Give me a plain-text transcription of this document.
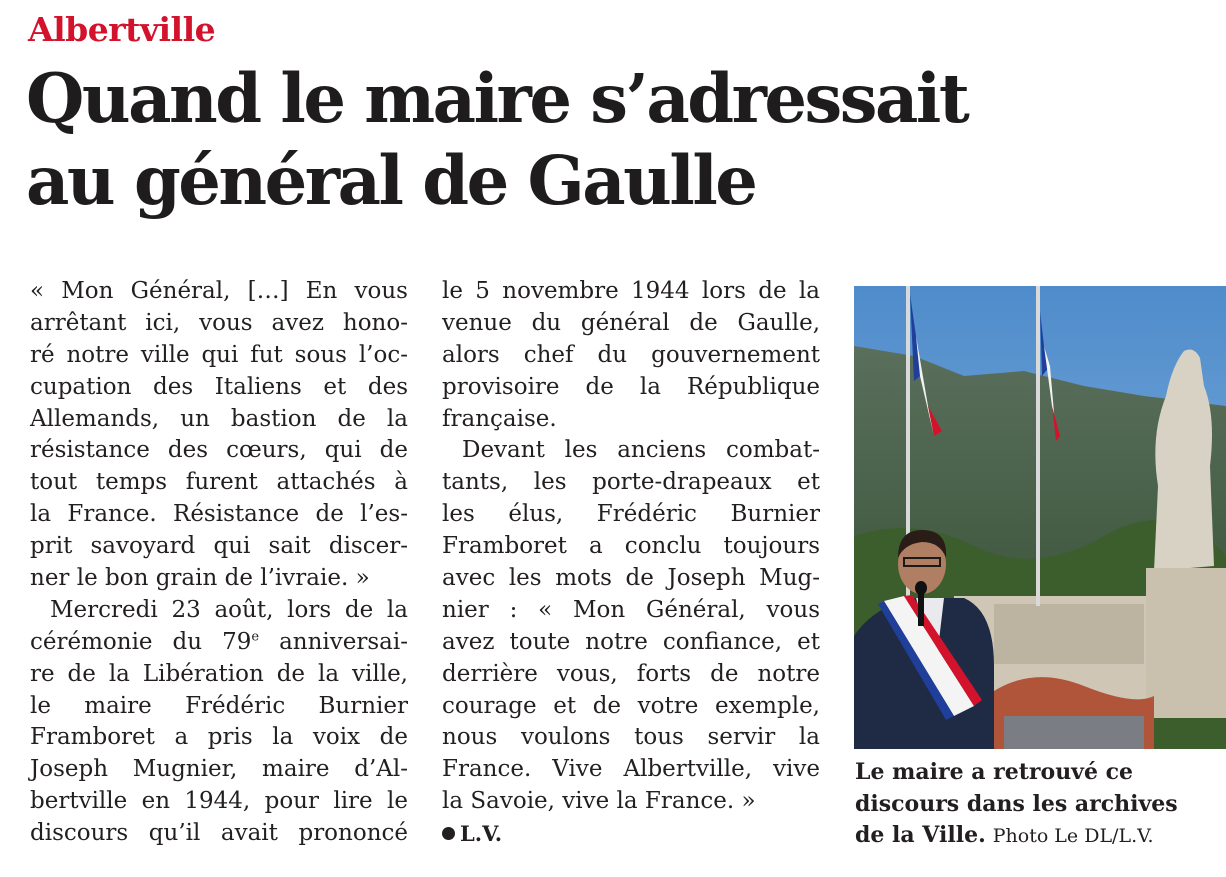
Albertville
Quand le maire s’adressait
au général de Gaulle
« Mon Général, […] En vous
arrêtant ici, vous avez hono-
ré notre ville qui fut sous l’oc-
cupation des Italiens et des
Allemands, un bastion de la
résistance des cœurs, qui de
tout temps furent attachés à
la France. Résistance de l’es-
prit savoyard qui sait discer-
ner le bon grain de l’ivraie. »
Mercredi 23 août, lors de la
cérémonie du 79e anniversai-
re de la Libération de la ville,
le maire Frédéric Burnier
Framboret a pris la voix de
Joseph Mugnier, maire d’Al-
bertville en 1944, pour lire le
discours qu’il avait prononcé
le 5 novembre 1944 lors de la
venue du général de Gaulle,
alors chef du gouvernement
provisoire de la République
française.
Devant les anciens combat-
tants, les porte-drapeaux et
les élus, Frédéric Burnier
Framboret a conclu toujours
avec les mots de Joseph Mug-
nier : « Mon Général, vous
avez toute notre confiance, et
derrière vous, forts de notre
courage et de votre exemple,
nous voulons tous servir la
France. Vive Albertville, vive
la Savoie, vive la France. »
L.V.
Le maire a retrouvé ce
discours dans les archives
de la Ville. Photo Le DL/L.V.
